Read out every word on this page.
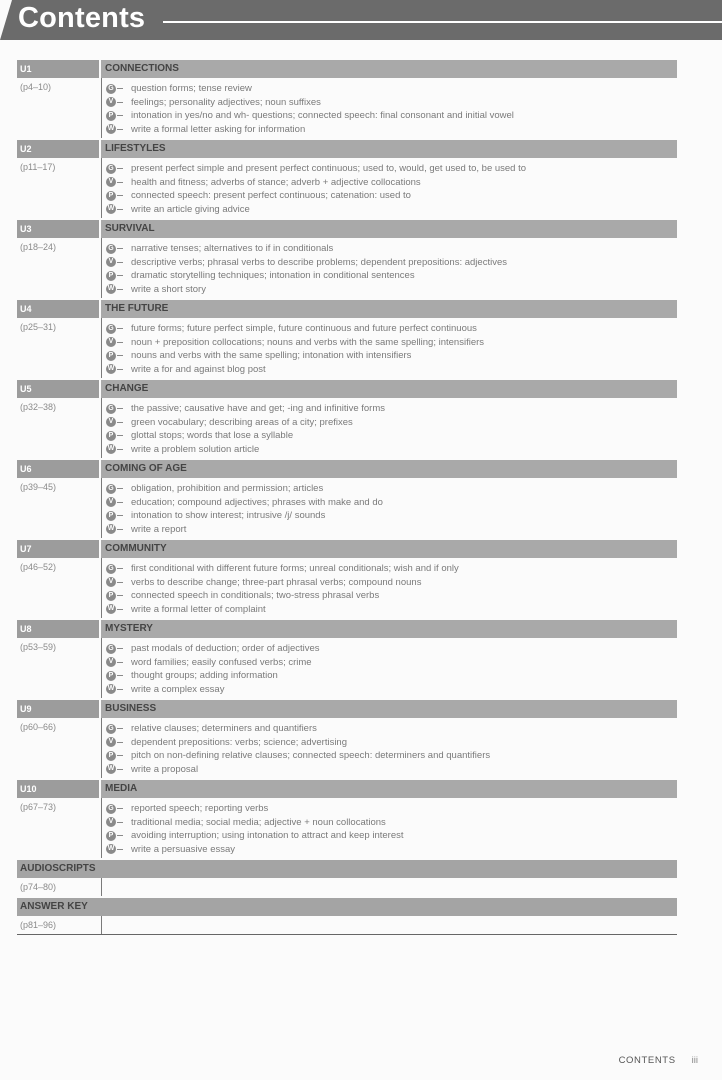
Contents
U1	CONNECTIONS
(p4–10)	G question forms; tense review
V feelings; personality adjectives; noun suffixes
P intonation in yes/no and wh- questions; connected speech: final consonant and initial vowel
W write a formal letter asking for information
U2	LIFESTYLES
(p11–17)	G present perfect simple and present perfect continuous; used to, would, get used to, be used to
V health and fitness; adverbs of stance; adverb + adjective collocations
P connected speech: present perfect continuous; catenation: used to
W write an article giving advice
U3	SURVIVAL
(p18–24)	G narrative tenses; alternatives to if in conditionals
V descriptive verbs; phrasal verbs to describe problems; dependent prepositions: adjectives
P dramatic storytelling techniques; intonation in conditional sentences
W write a short story
U4	THE FUTURE
(p25–31)	G future forms; future perfect simple, future continuous and future perfect continuous
V noun + preposition collocations; nouns and verbs with the same spelling; intensifiers
P nouns and verbs with the same spelling; intonation with intensifiers
W write a for and against blog post
U5	CHANGE
(p32–38)	G the passive; causative have and get; -ing and infinitive forms
V green vocabulary; describing areas of a city; prefixes
P glottal stops; words that lose a syllable
W write a problem solution article
U6	COMING OF AGE
(p39–45)	G obligation, prohibition and permission; articles
V education; compound adjectives; phrases with make and do
P intonation to show interest; intrusive /j/ sounds
W write a report
U7	COMMUNITY
(p46–52)	G first conditional with different future forms; unreal conditionals; wish and if only
V verbs to describe change; three-part phrasal verbs; compound nouns
P connected speech in conditionals; two-stress phrasal verbs
W write a formal letter of complaint
U8	MYSTERY
(p53–59)	G past modals of deduction; order of adjectives
V word families; easily confused verbs; crime
P thought groups; adding information
W write a complex essay
U9	BUSINESS
(p60–66)	G relative clauses; determiners and quantifiers
V dependent prepositions: verbs; science; advertising
P pitch on non-defining relative clauses; connected speech: determiners and quantifiers
W write a proposal
U10	MEDIA
(p67–73)	G reported speech; reporting verbs
V traditional media; social media; adjective + noun collocations
P avoiding interruption; using intonation to attract and keep interest
W write a persuasive essay
AUDIOSCRIPTS
(p74–80)
ANSWER KEY
(p81–96)
CONTENTS iii
